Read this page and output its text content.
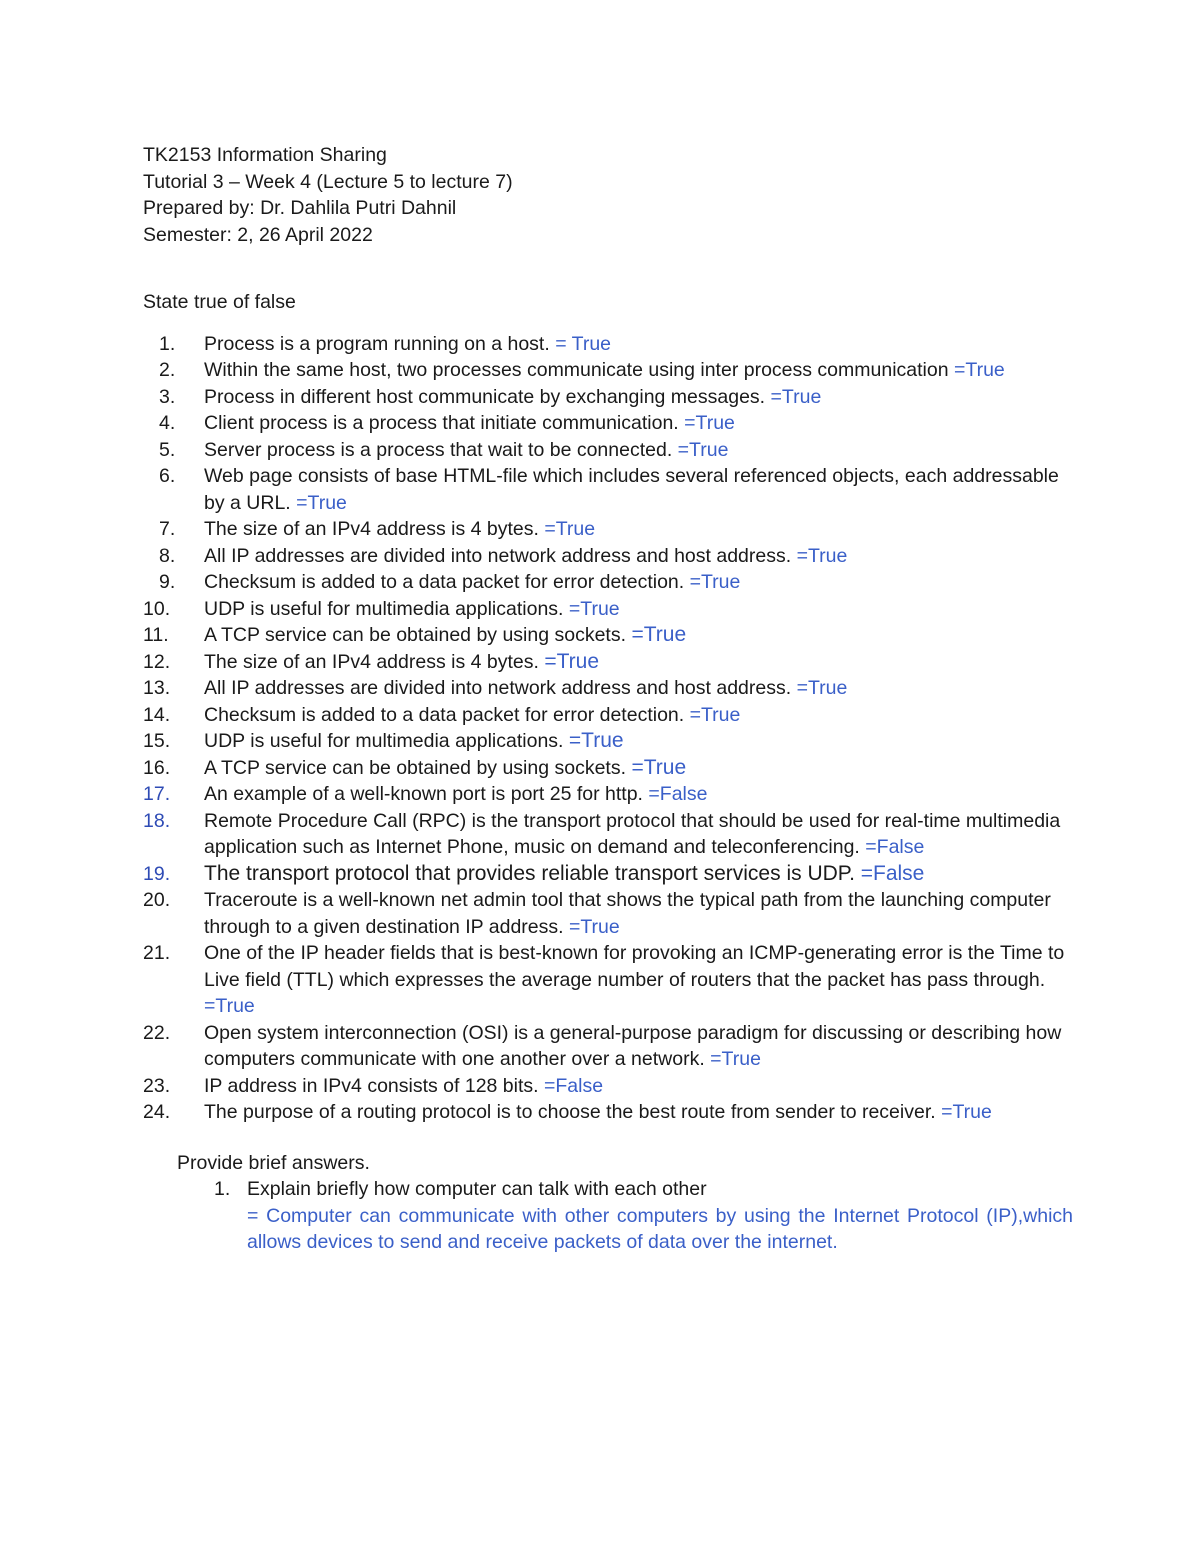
TK2153 Information Sharing
Tutorial 3 – Week 4 (Lecture 5 to lecture 7)
Prepared by: Dr. Dahlila Putri Dahnil
Semester: 2, 26 April 2022
State true of false
1. Process is a program running on a host. = True
2. Within the same host, two processes communicate using inter process communication =True
3. Process in different host communicate by exchanging messages. =True
4. Client process is a process that initiate communication. =True
5. Server process is a process that wait to be connected. =True
6. Web page consists of base HTML-file which includes several referenced objects, each addressable by a URL. =True
7. The size of an IPv4 address is 4 bytes. =True
8. All IP addresses are divided into network address and host address. =True
9. Checksum is added to a data packet for error detection. =True
10. UDP is useful for multimedia applications. =True
11. A TCP service can be obtained by using sockets. =True
12. The size of an IPv4 address is 4 bytes. =True
13. All IP addresses are divided into network address and host address. =True
14. Checksum is added to a data packet for error detection. =True
15. UDP is useful for multimedia applications. =True
16. A TCP service can be obtained by using sockets. =True
17. An example of a well-known port is port 25 for http. =False
18. Remote Procedure Call (RPC) is the transport protocol that should be used for real-time multimedia application such as Internet Phone, music on demand and teleconferencing. =False
19. The transport protocol that provides reliable transport services is UDP. =False
20. Traceroute is a well-known net admin tool that shows the typical path from the launching computer through to a given destination IP address. =True
21. One of the IP header fields that is best-known for provoking an ICMP-generating error is the Time to Live field (TTL) which expresses the average number of routers that the packet has pass through. =True
22. Open system interconnection (OSI) is a general-purpose paradigm for discussing or describing how computers communicate with one another over a network. =True
23. IP address in IPv4 consists of 128 bits. =False
24. The purpose of a routing protocol is to choose the best route from sender to receiver. =True
Provide brief answers.
1. Explain briefly how computer can talk with each other
= Computer can communicate with other computers by using the Internet Protocol (IP),which allows devices to send and receive packets of data over the internet.
